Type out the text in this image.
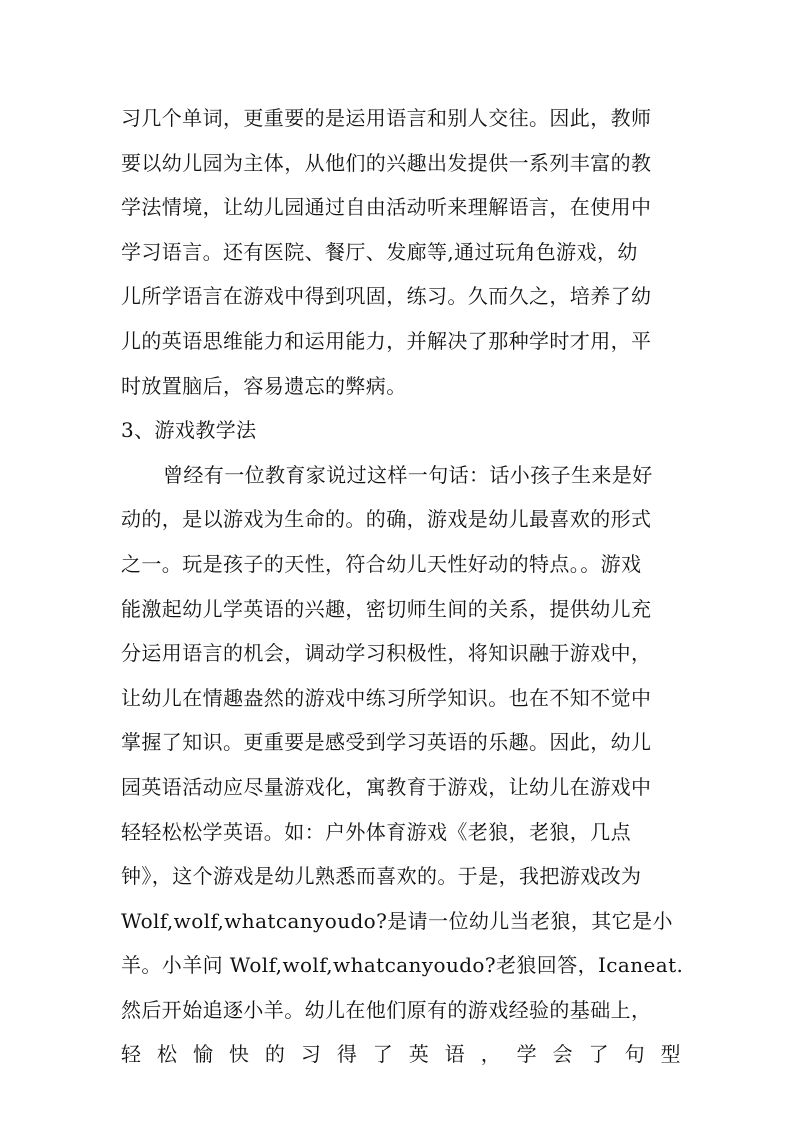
习几个单词，更重要的是运用语言和别人交往。因此，教师
要以幼儿园为主体，从他们的兴趣出发提供一系列丰富的教
学法情境，让幼儿园通过自由活动听来理解语言，在使用中
学习语言。还有医院、餐厅、发廊等,通过玩角色游戏，幼
儿所学语言在游戏中得到巩固，练习。久而久之，培养了幼
儿的英语思维能力和运用能力，并解决了那种学时才用，平
时放置脑后，容易遗忘的弊病。
3、游戏教学法
曾经有一位教育家说过这样一句话：话小孩子生来是好
动的，是以游戏为生命的。的确，游戏是幼儿最喜欢的形式
之一。玩是孩子的天性，符合幼儿天性好动的特点。。游戏
能激起幼儿学英语的兴趣，密切师生间的关系，提供幼儿充
分运用语言的机会，调动学习积极性，将知识融于游戏中，
让幼儿在情趣盎然的游戏中练习所学知识。也在不知不觉中
掌握了知识。更重要是感受到学习英语的乐趣。因此，幼儿
园英语活动应尽量游戏化，寓教育于游戏，让幼儿在游戏中
轻轻松松学英语。如：户外体育游戏《老狼，老狼，几点
钟》，这个游戏是幼儿熟悉而喜欢的。于是，我把游戏改为
Wolf,wolf,whatcanyoudo?是请一位幼儿当老狼，其它是小
羊。小羊问 Wolf,wolf,whatcanyoudo?老狼回答，Icaneat.
然后开始追逐小羊。幼儿在他们原有的游戏经验的基础上，
轻 松 愉 快 的 习 得 了 英 语 ， 学 会 了 句 型
